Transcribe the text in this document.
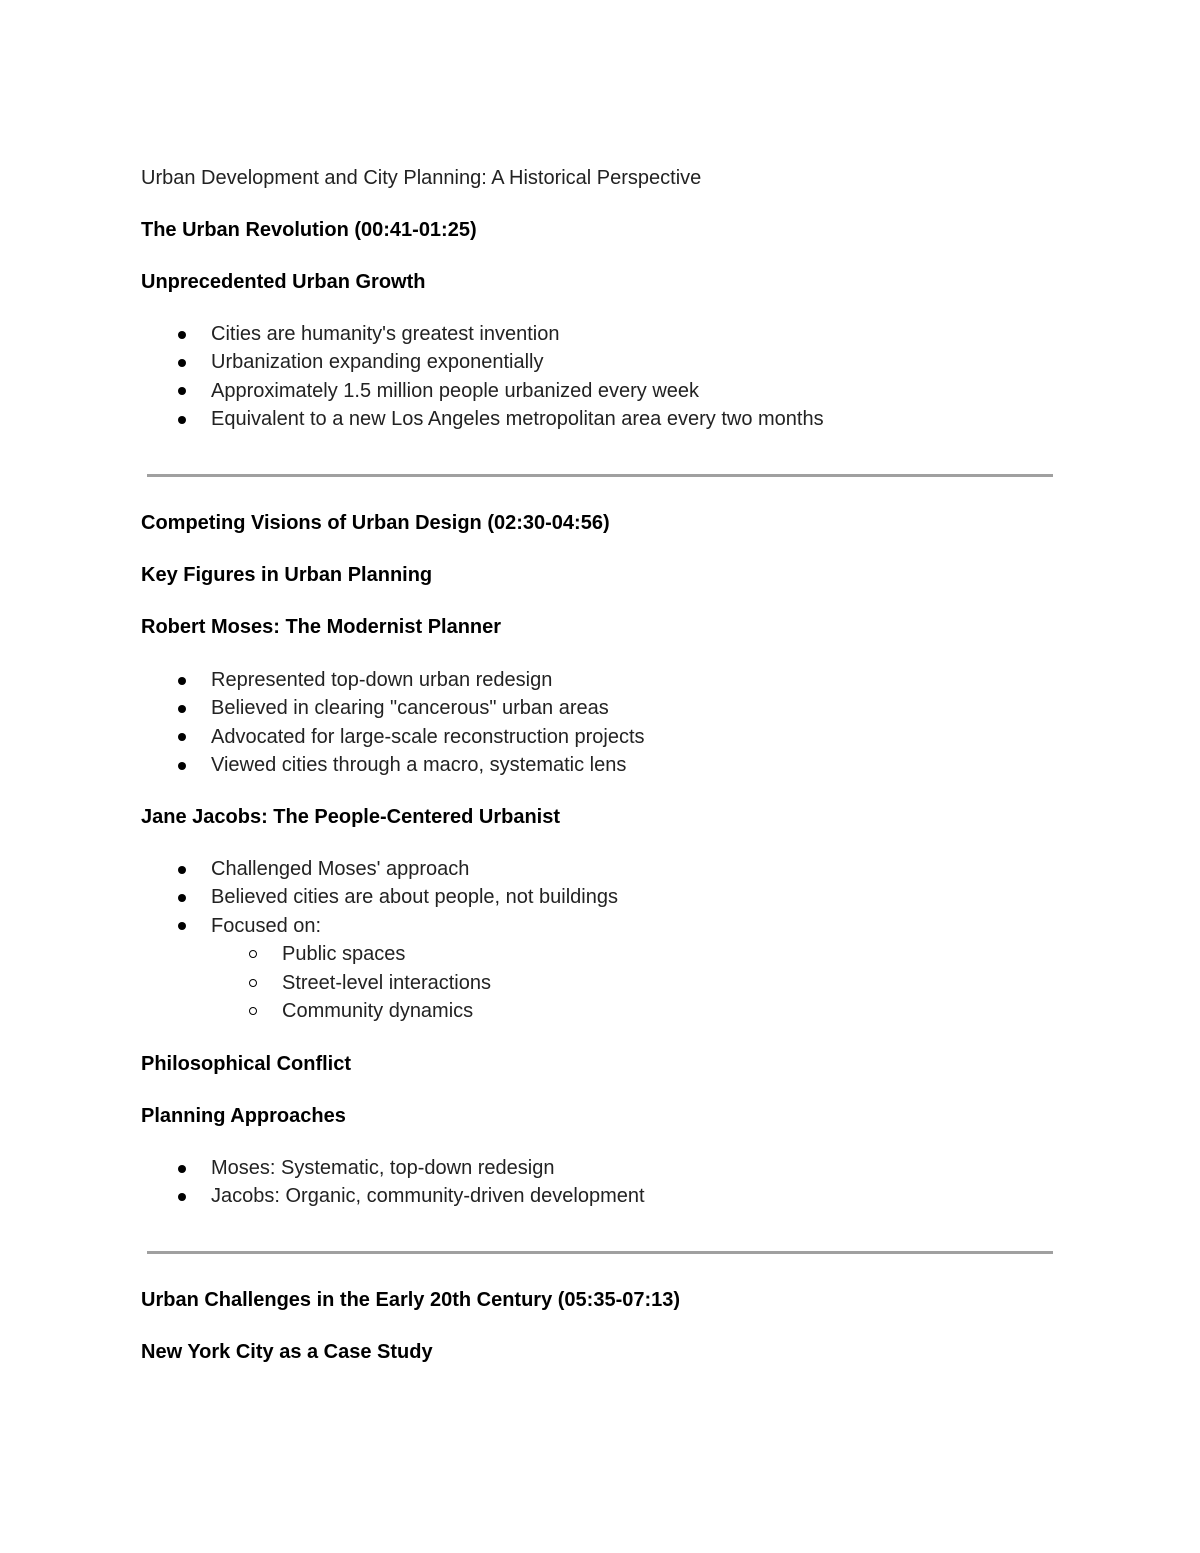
Urban Development and City Planning: A Historical Perspective
The Urban Revolution (00:41-01:25)
Unprecedented Urban Growth
Cities are humanity's greatest invention
Urbanization expanding exponentially
Approximately 1.5 million people urbanized every week
Equivalent to a new Los Angeles metropolitan area every two months
Competing Visions of Urban Design (02:30-04:56)
Key Figures in Urban Planning
Robert Moses: The Modernist Planner
Represented top-down urban redesign
Believed in clearing "cancerous" urban areas
Advocated for large-scale reconstruction projects
Viewed cities through a macro, systematic lens
Jane Jacobs: The People-Centered Urbanist
Challenged Moses' approach
Believed cities are about people, not buildings
Focused on:
Public spaces
Street-level interactions
Community dynamics
Philosophical Conflict
Planning Approaches
Moses: Systematic, top-down redesign
Jacobs: Organic, community-driven development
Urban Challenges in the Early 20th Century (05:35-07:13)
New York City as a Case Study
